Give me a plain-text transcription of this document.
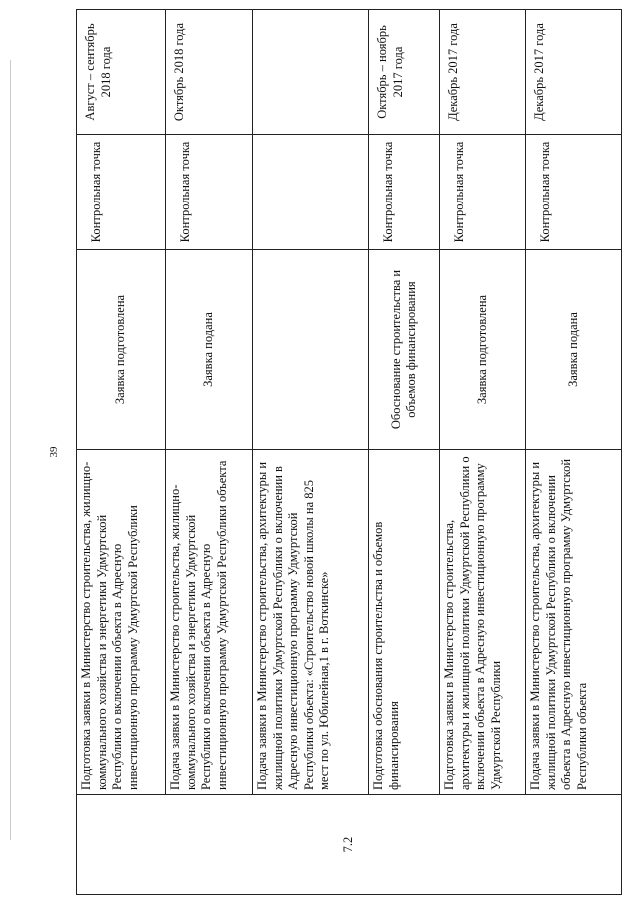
39
7.2	Подготовка заявки в Министерство строительства, жилищно-коммунального хозяйства и энергетики Удмуртской Республики о включении объекта в Адресную инвестиционную программу Удмуртской Республики	Заявка подготовлена	Контрольная точка	Август – сентябрь 2018 года
	Подача заявки в Министерство строительства, жилищно-коммунального хозяйства и энергетики Удмуртской Республики о включении объекта в Адресную инвестиционную программу Удмуртской Республики объекта	Заявка подана	Контрольная точка	Октябрь 2018 года
	Подача заявки в Министерство строительства, архитектуры и жилищной политики Удмуртской Республики о включении в Адресную инвестиционную программу Удмуртской Республики объекта: «Строительство новой школы на 825 мест по ул. Юбилейная,1 в г. Воткинске»			
	Подготовка обоснования строительства и объемов финансирования	Обоснование строительства и объемов финансирования	Контрольная точка	Октябрь – ноябрь 2017 года
	Подготовка заявки в Министерство строительства, архитектуры и жилищной политики Удмуртской Республики о включении объекта в Адресную инвестиционную программу Удмуртской Республики	Заявка подготовлена	Контрольная точка	Декабрь 2017 года
	Подача заявки в Министерство строительства, архитектуры и жилищной политики Удмуртской Республики о включении объекта в Адресную инвестиционную программу Удмуртской Республики объекта	Заявка подана	Контрольная точка	Декабрь 2017 года
